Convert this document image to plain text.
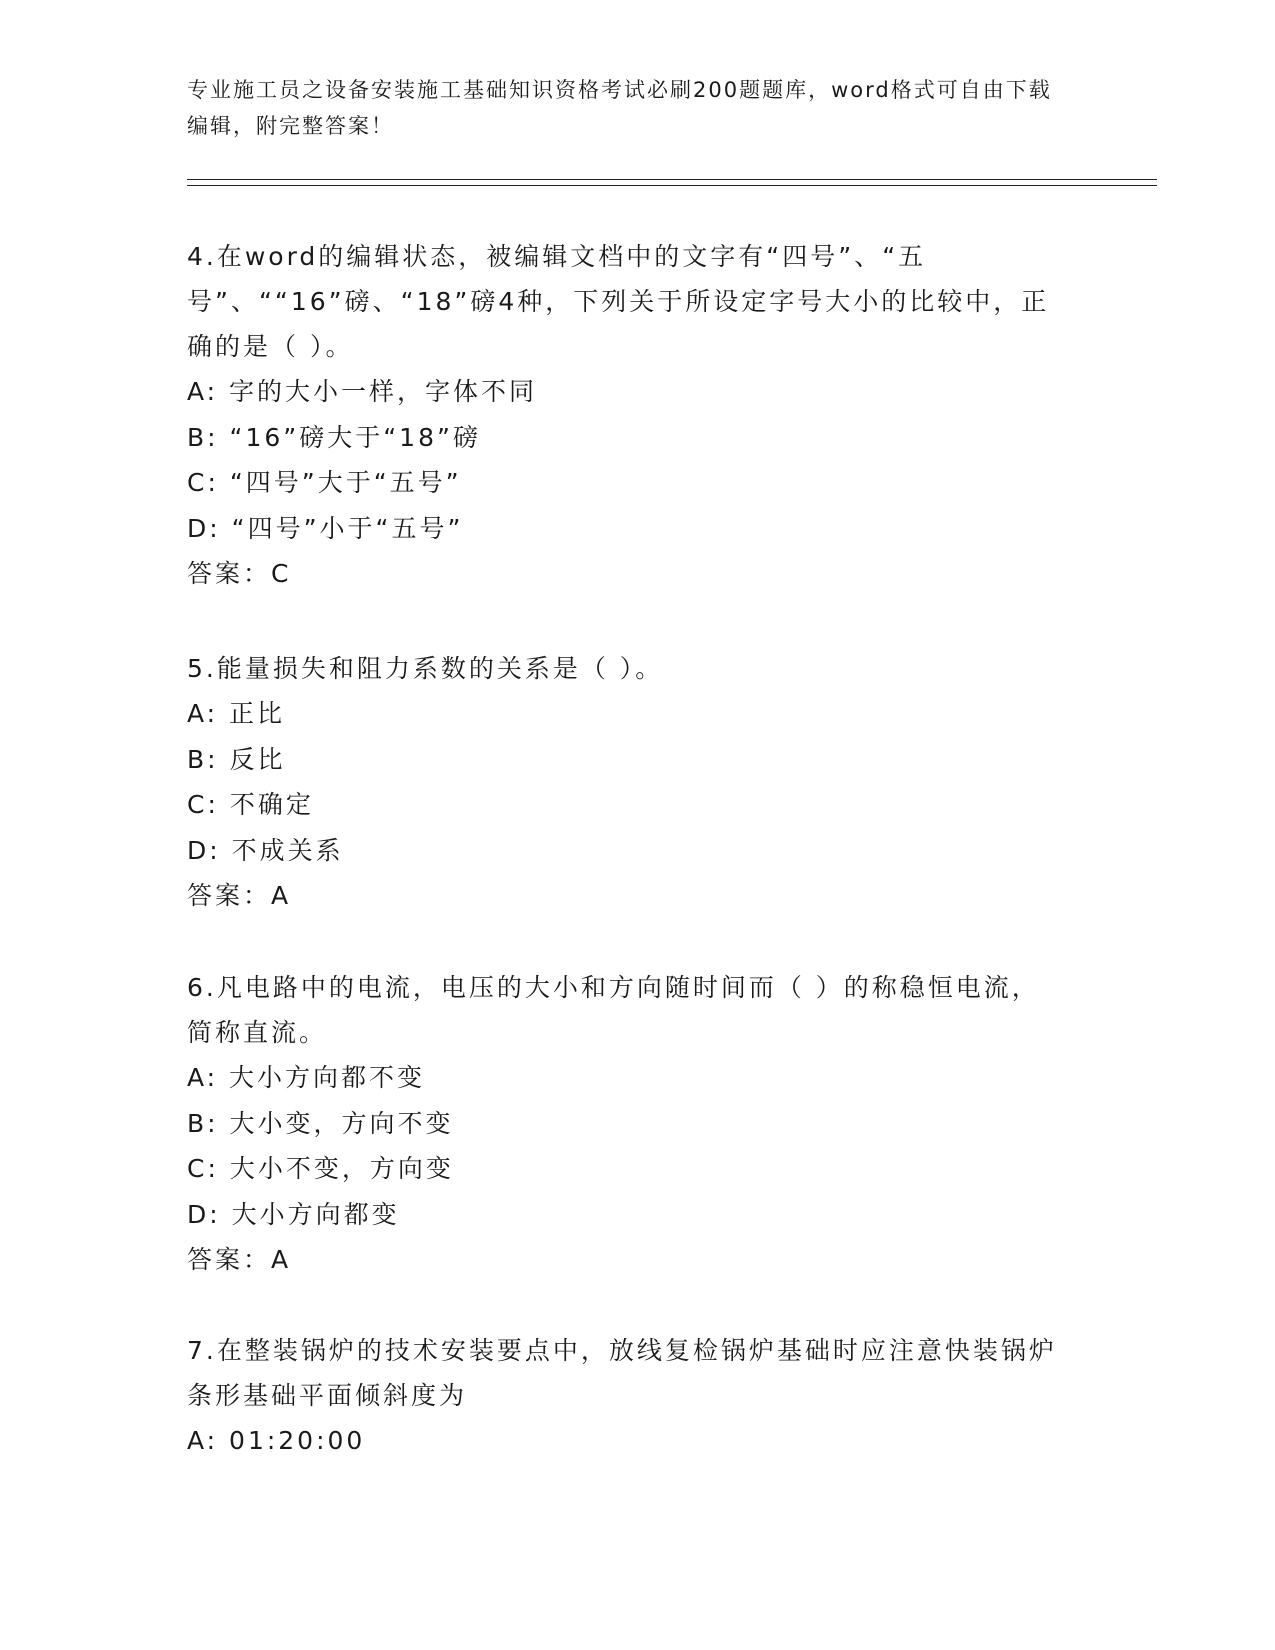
专业施工员之设备安装施工基础知识资格考试必刷200题题库，word格式可自由下载编辑，附完整答案！
4.在word的编辑状态，被编辑文档中的文字有“四号”、“五号”、““16”磅、“18”磅4种，下列关于所设定字号大小的比较中，正确的是（ ）。
A: 字的大小一样，字体不同
B: “16”磅大于“18”磅
C: “四号”大于“五号”
D: “四号”小于“五号”
答案：C
5.能量损失和阻力系数的关系是（ ）。
A: 正比
B: 反比
C: 不确定
D: 不成关系
答案：A
6.凡电路中的电流，电压的大小和方向随时间而（ ）的称稳恒电流，简称直流。
A: 大小方向都不变
B: 大小变，方向不变
C: 大小不变，方向变
D: 大小方向都变
答案：A
7.在整装锅炉的技术安装要点中，放线复检锅炉基础时应注意快装锅炉条形基础平面倾斜度为
A: 01:20:00
